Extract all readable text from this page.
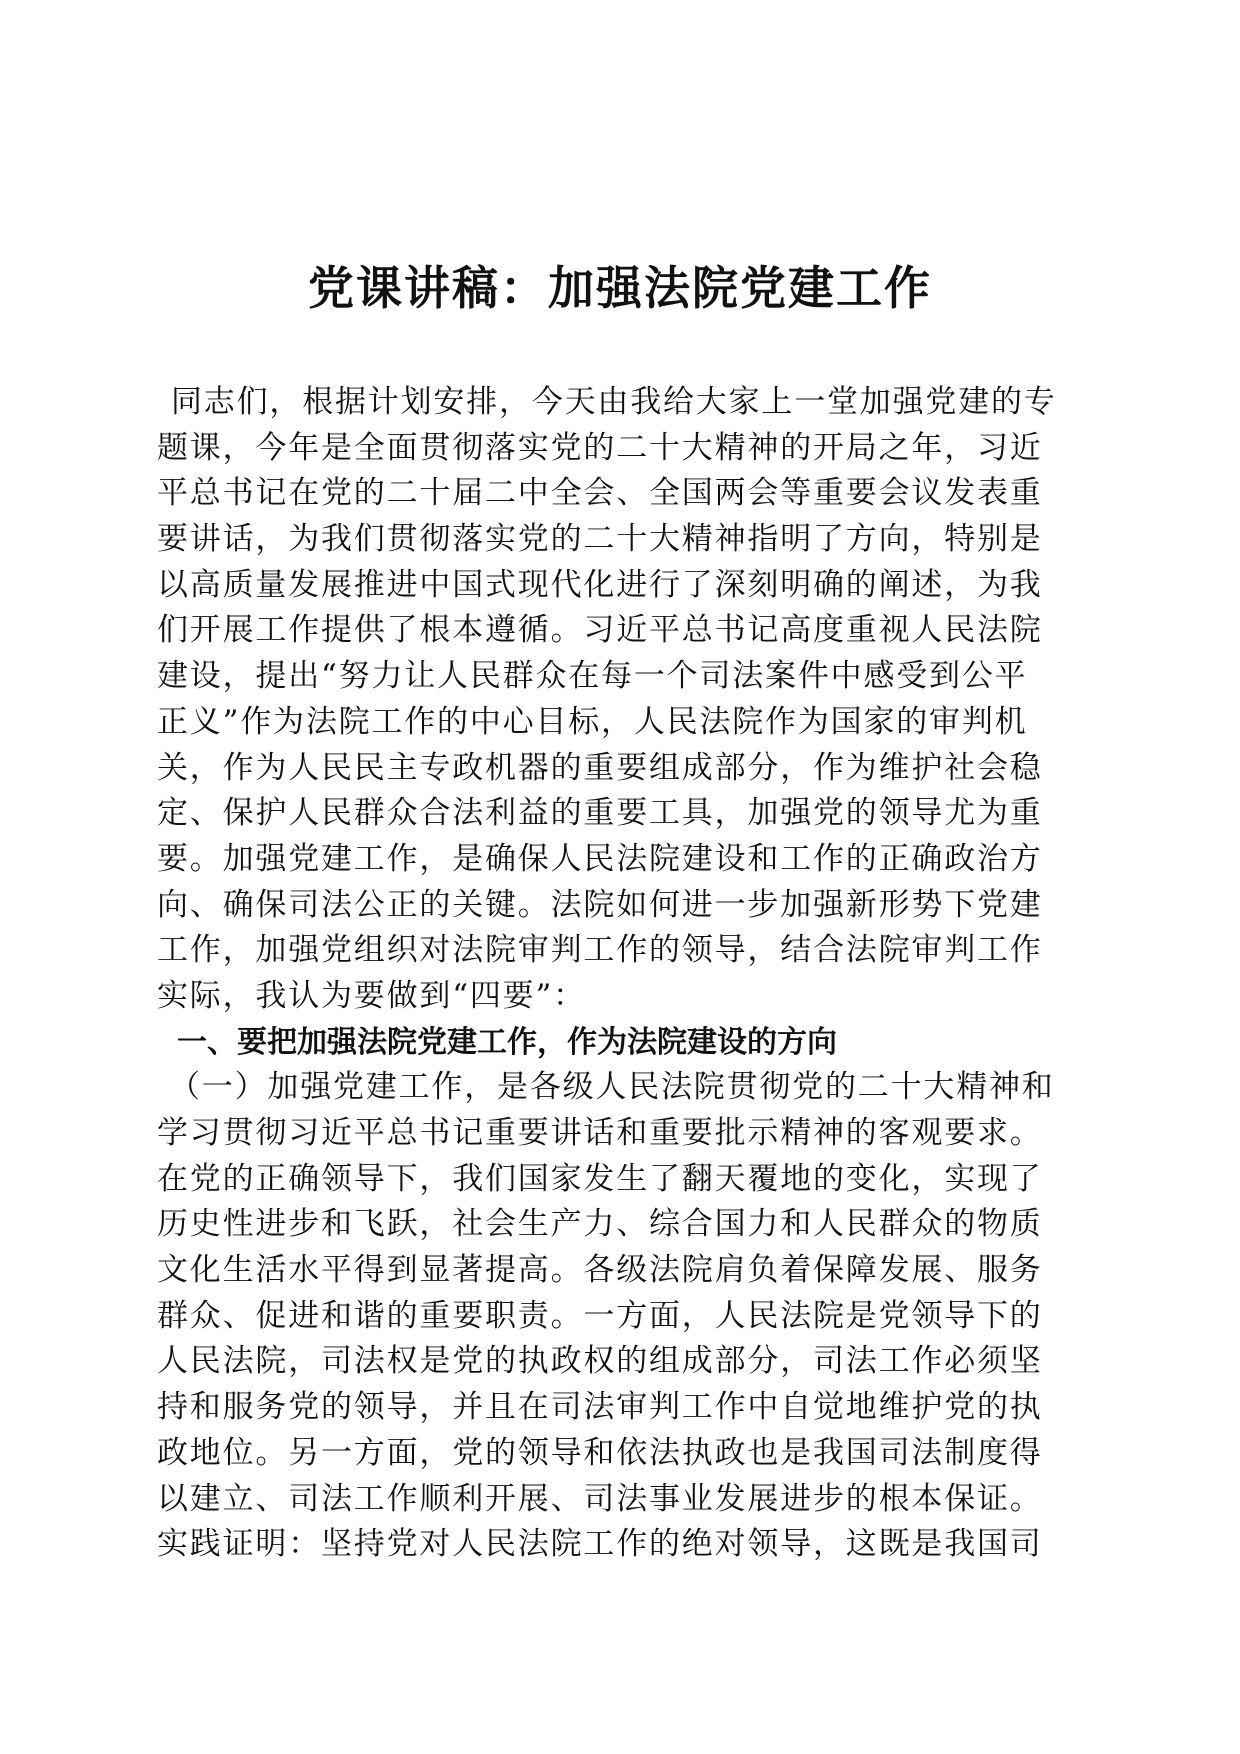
党课讲稿：加强法院党建工作
同志们，根据计划安排，今天由我给大家上一堂加强党建的专
题课，今年是全面贯彻落实党的二十大精神的开局之年，习近
平总书记在党的二十届二中全会、全国两会等重要会议发表重
要讲话，为我们贯彻落实党的二十大精神指明了方向，特别是
以高质量发展推进中国式现代化进行了深刻明确的阐述，为我
们开展工作提供了根本遵循。习近平总书记高度重视人民法院
建设，提出“努力让人民群众在每一个司法案件中感受到公平
正义”作为法院工作的中心目标，人民法院作为国家的审判机
关，作为人民民主专政机器的重要组成部分，作为维护社会稳
定、保护人民群众合法利益的重要工具，加强党的领导尤为重
要。加强党建工作，是确保人民法院建设和工作的正确政治方
向、确保司法公正的关键。法院如何进一步加强新形势下党建
工作，加强党组织对法院审判工作的领导，结合法院审判工作
实际，我认为要做到“四要”：
一、要把加强法院党建工作，作为法院建设的方向
（一）加强党建工作，是各级人民法院贯彻党的二十大精神和
学习贯彻习近平总书记重要讲话和重要批示精神的客观要求。
在党的正确领导下，我们国家发生了翻天覆地的变化，实现了
历史性进步和飞跃，社会生产力、综合国力和人民群众的物质
文化生活水平得到显著提高。各级法院肩负着保障发展、服务
群众、促进和谐的重要职责。一方面，人民法院是党领导下的
人民法院，司法权是党的执政权的组成部分，司法工作必须坚
持和服务党的领导，并且在司法审判工作中自觉地维护党的执
政地位。另一方面，党的领导和依法执政也是我国司法制度得
以建立、司法工作顺利开展、司法事业发展进步的根本保证。
实践证明：坚持党对人民法院工作的绝对领导，这既是我国司
